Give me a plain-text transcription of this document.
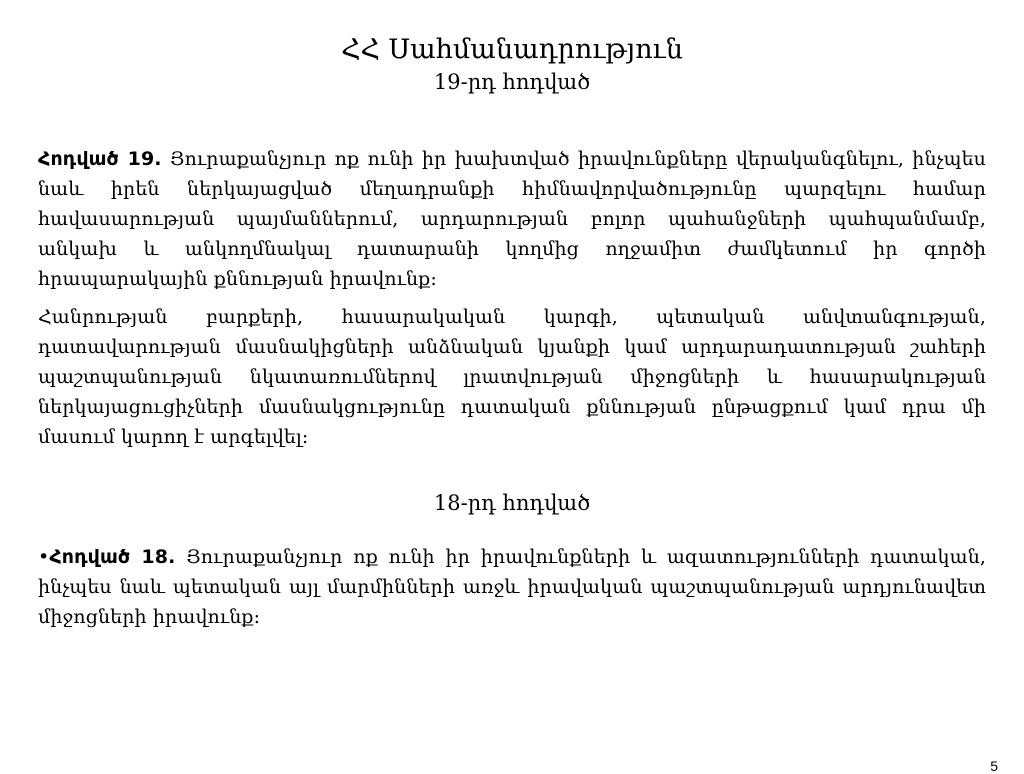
ՀՀ Սահմանադրություն
19-րդ հոդված

Հոդված 19. Յուրաքանչյուր ոք ունի իր խախտված իրավունքները վերականգնելու, ինչպես նաև իրեն ներկայացված մեղադրանքի հիմնավորվածությունը պարզելու համար հավասարության պայմաններում, արդարության բոլոր պահանջների պահպանմամբ, անկախ և անկողմնակալ դատարանի կողմից ողջամիտ ժամկետում իր գործի հրապարակային քննության իրավունք:

Հանրության բարքերի, հասարակական կարգի, պետական անվտանգության, դատավարության մասնակիցների անձնական կյանքի կամ արդարադատության շահերի պաշտպանության նկատառումներով լրատվության միջոցների և հասարակության ներկայացուցիչների մասնակցությունը դատական քննության ընթացքում կամ դրա մի մասում կարող է արգելվել:

18-րդ հոդված

•Հոդված 18. Յուրաքանչյուր ոք ունի իր իրավունքների և ազատությունների դատական, ինչպես նաև պետական այլ մարմինների առջև իրավական պաշտպանության արդյունավետ միջոցների իրավունք:

5
